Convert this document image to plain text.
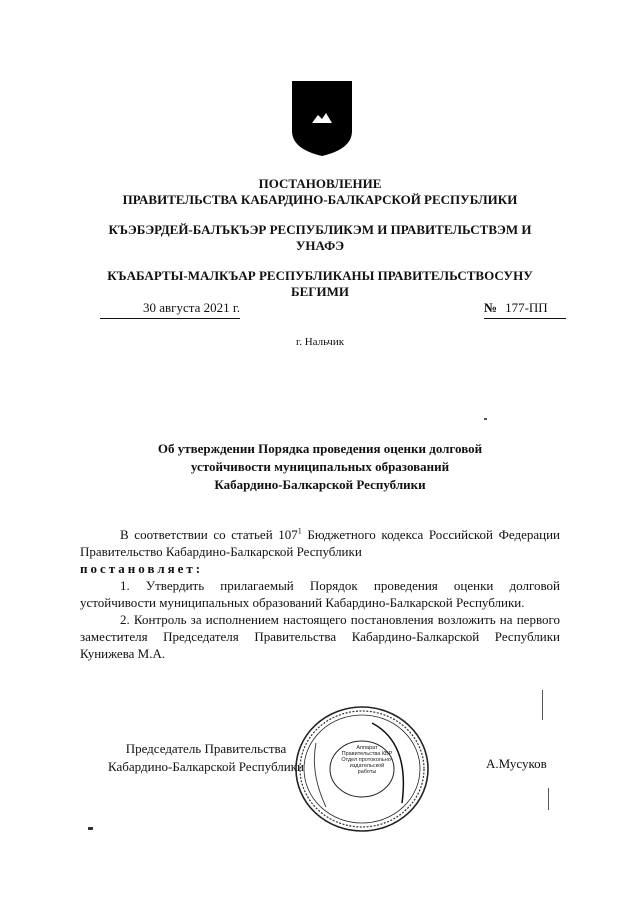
ПОСТАНОВЛЕНИЕ
ПРАВИТЕЛЬСТВА КАБАРДИНО-БАЛКАРСКОЙ РЕСПУБЛИКИ
КЪЭБЭРДЕЙ-БАЛЪКЪЭР РЕСПУБЛИКЭМ И ПРАВИТЕЛЬСТВЭМ И
УНАФЭ
КЪАБАРТЫ-МАЛКЪАР РЕСПУБЛИКАНЫ ПРАВИТЕЛЬСТВОСУНУ
БЕГИМИ
30 августа 2021 г.	№ 177-ПП
г. Нальчик
Об утверждении Порядка проведения оценки долговой
устойчивости муниципальных образований
Кабардино-Балкарской Республики

В соответствии со статьей $107^1$ Бюджетного кодекса Российской Федерации Правительство Кабардино-Балкарской Республики

постановляет:

1. Утвердить прилагаемый Порядок проведения оценки долговой устойчивости муниципальных образований Кабардино-Балкарской Республики.

2. Контроль за исполнением настоящего постановления возложить на первого заместителя Председателя Правительства Кабардино-Балкарской Республики Кунижева М.А.

Председатель Правительства
Кабардино-Балкарской Республики	А.Мусуков
Аппарат Правительства КБР Отдел протокольно-издательской работы
